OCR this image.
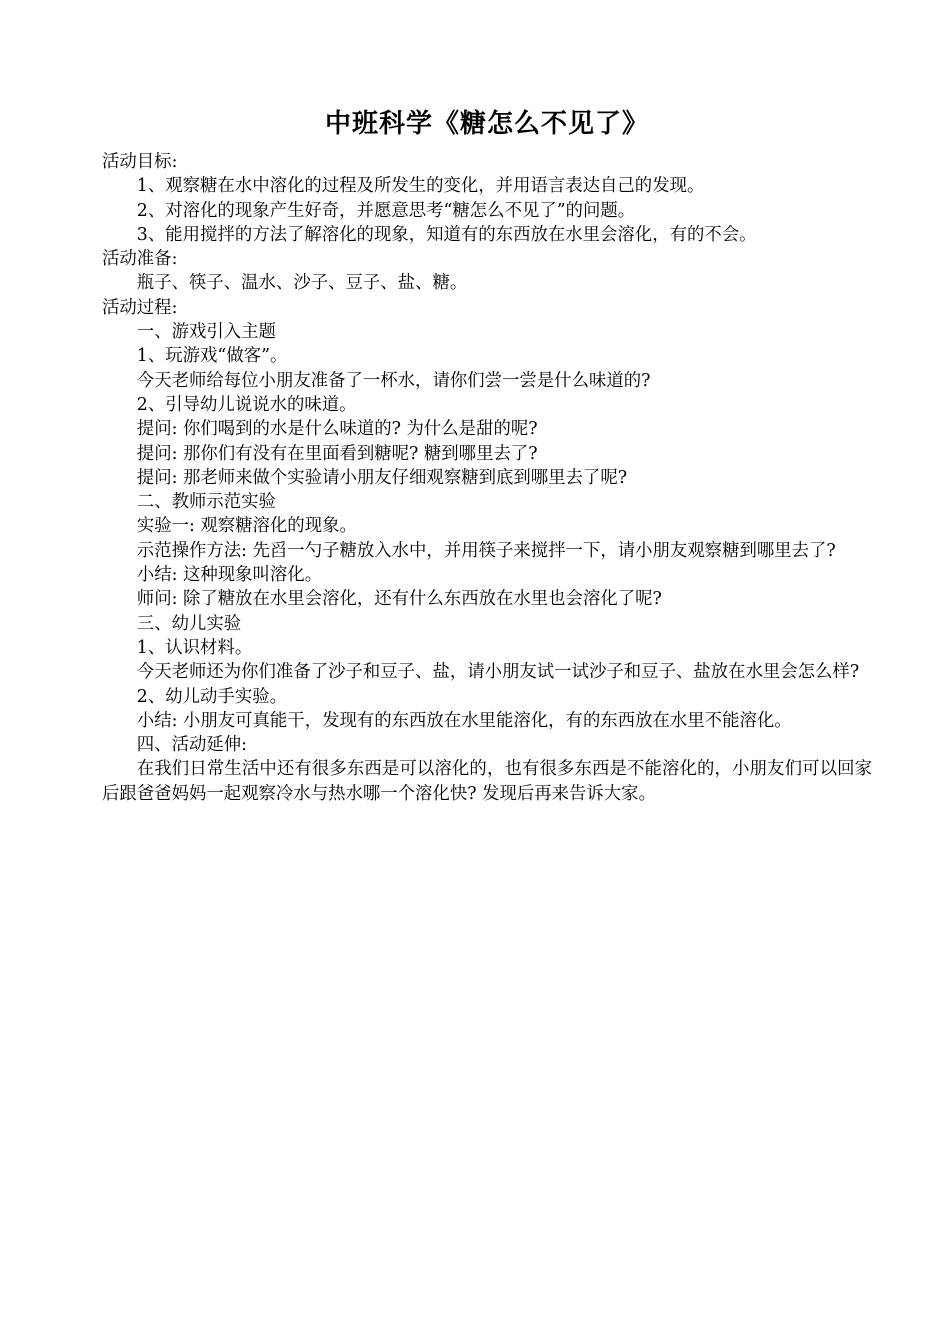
中班科学《糖怎么不见了》

活动目标:

1、观察糖在水中溶化的过程及所发生的变化，并用语言表达自己的发现。

2、对溶化的现象产生好奇，并愿意思考“糖怎么不见了”的问题。

3、能用搅拌的方法了解溶化的现象，知道有的东西放在水里会溶化，有的不会。

活动准备:

瓶子、筷子、温水、沙子、豆子、盐、糖。

活动过程:

一、游戏引入主题

1、玩游戏“做客”。

今天老师给每位小朋友准备了一杯水，请你们尝一尝是什么味道的?

2、引导幼儿说说水的味道。

提问: 你们喝到的水是什么味道的? 为什么是甜的呢?

提问: 那你们有没有在里面看到糖呢? 糖到哪里去了?

提问: 那老师来做个实验请小朋友仔细观察糖到底到哪里去了呢?

二、教师示范实验

实验一: 观察糖溶化的现象。

示范操作方法: 先舀一勺子糖放入水中，并用筷子来搅拌一下，请小朋友观察糖到哪里去了?

小结: 这种现象叫溶化。

师问: 除了糖放在水里会溶化，还有什么东西放在水里也会溶化了呢?

三、幼儿实验

1、认识材料。

今天老师还为你们准备了沙子和豆子、盐，请小朋友试一试沙子和豆子、盐放在水里会怎么样?

2、幼儿动手实验。

小结: 小朋友可真能干，发现有的东西放在水里能溶化，有的东西放在水里不能溶化。

四、活动延伸:

在我们日常生活中还有很多东西是可以溶化的，也有很多东西是不能溶化的，小朋友们可以回家后跟爸爸妈妈一起观察冷水与热水哪一个溶化快? 发现后再来告诉大家。
